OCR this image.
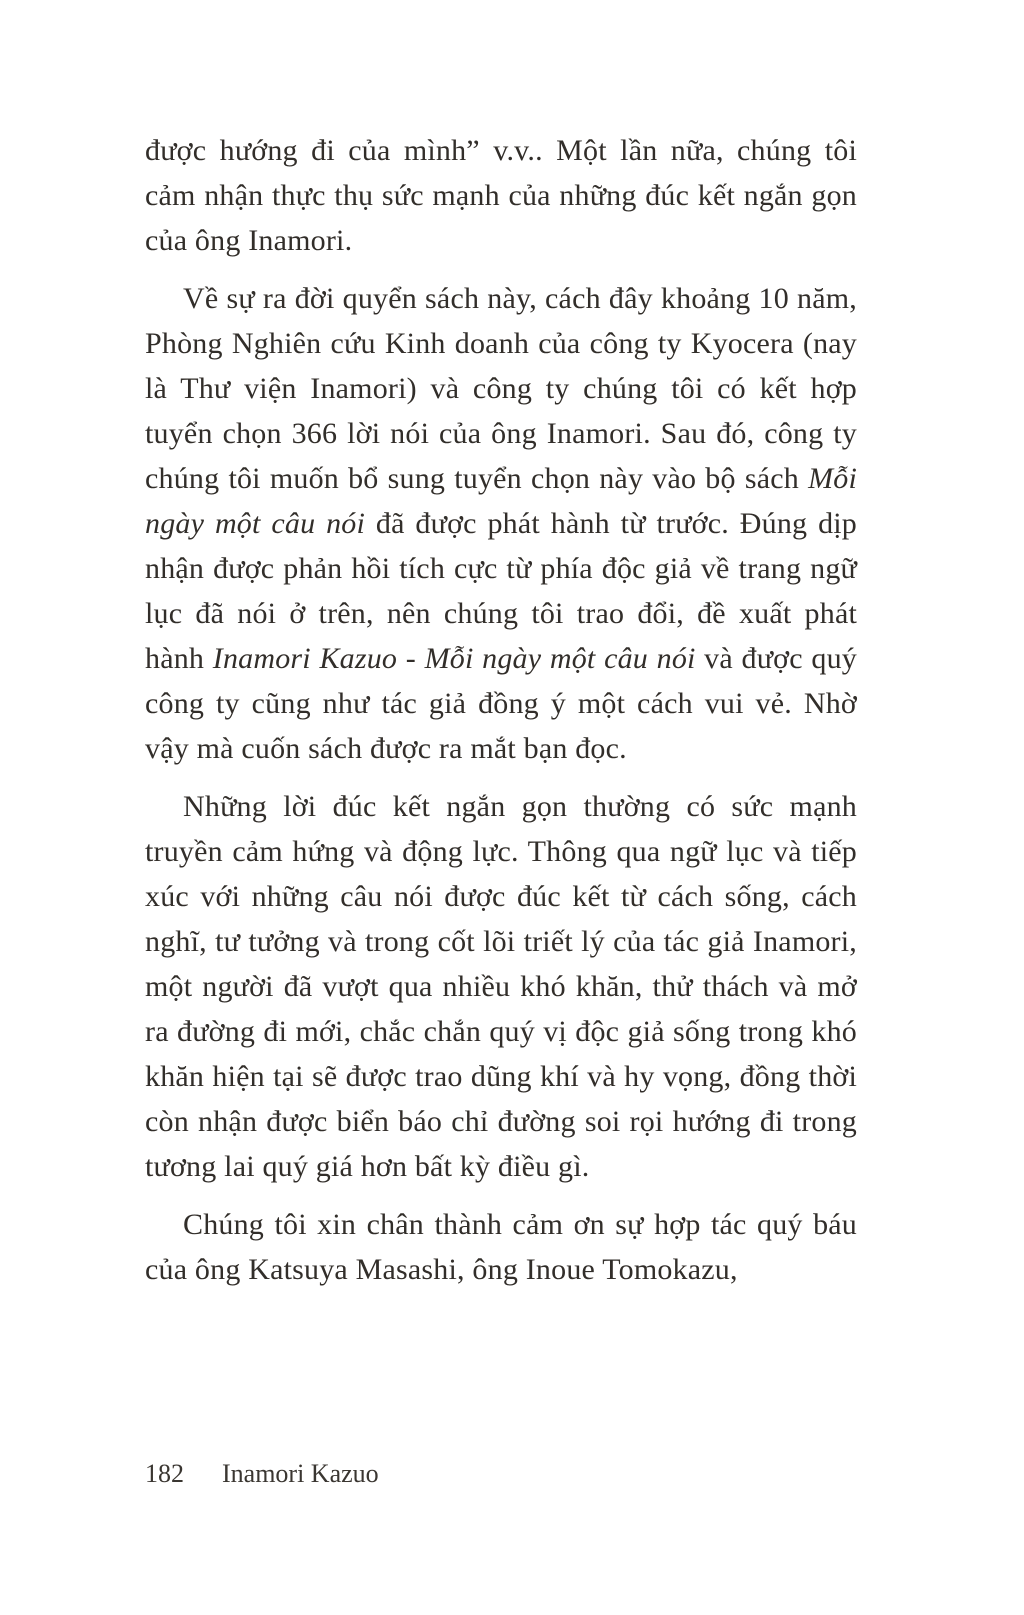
được hướng đi của mình” v.v.. Một lần nữa, chúng tôi cảm nhận thực thụ sức mạnh của những đúc kết ngắn gọn của ông Inamori.

Về sự ra đời quyển sách này, cách đây khoảng 10 năm, Phòng Nghiên cứu Kinh doanh của công ty Kyocera (nay là Thư viện Inamori) và công ty chúng tôi có kết hợp tuyển chọn 366 lời nói của ông Inamori. Sau đó, công ty chúng tôi muốn bổ sung tuyển chọn này vào bộ sách Mỗi ngày một câu nói đã được phát hành từ trước. Đúng dịp nhận được phản hồi tích cực từ phía độc giả về trang ngữ lục đã nói ở trên, nên chúng tôi trao đổi, đề xuất phát hành Inamori Kazuo - Mỗi ngày một câu nói và được quý công ty cũng như tác giả đồng ý một cách vui vẻ. Nhờ vậy mà cuốn sách được ra mắt bạn đọc.

Những lời đúc kết ngắn gọn thường có sức mạnh truyền cảm hứng và động lực. Thông qua ngữ lục và tiếp xúc với những câu nói được đúc kết từ cách sống, cách nghĩ, tư tưởng và trong cốt lõi triết lý của tác giả Inamori, một người đã vượt qua nhiều khó khăn, thử thách và mở ra đường đi mới, chắc chắn quý vị độc giả sống trong khó khăn hiện tại sẽ được trao dũng khí và hy vọng, đồng thời còn nhận được biển báo chỉ đường soi rọi hướng đi trong tương lai quý giá hơn bất kỳ điều gì.

Chúng tôi xin chân thành cảm ơn sự hợp tác quý báu của ông Katsuya Masashi, ông Inoue Tomokazu,

182 Inamori Kazuo
